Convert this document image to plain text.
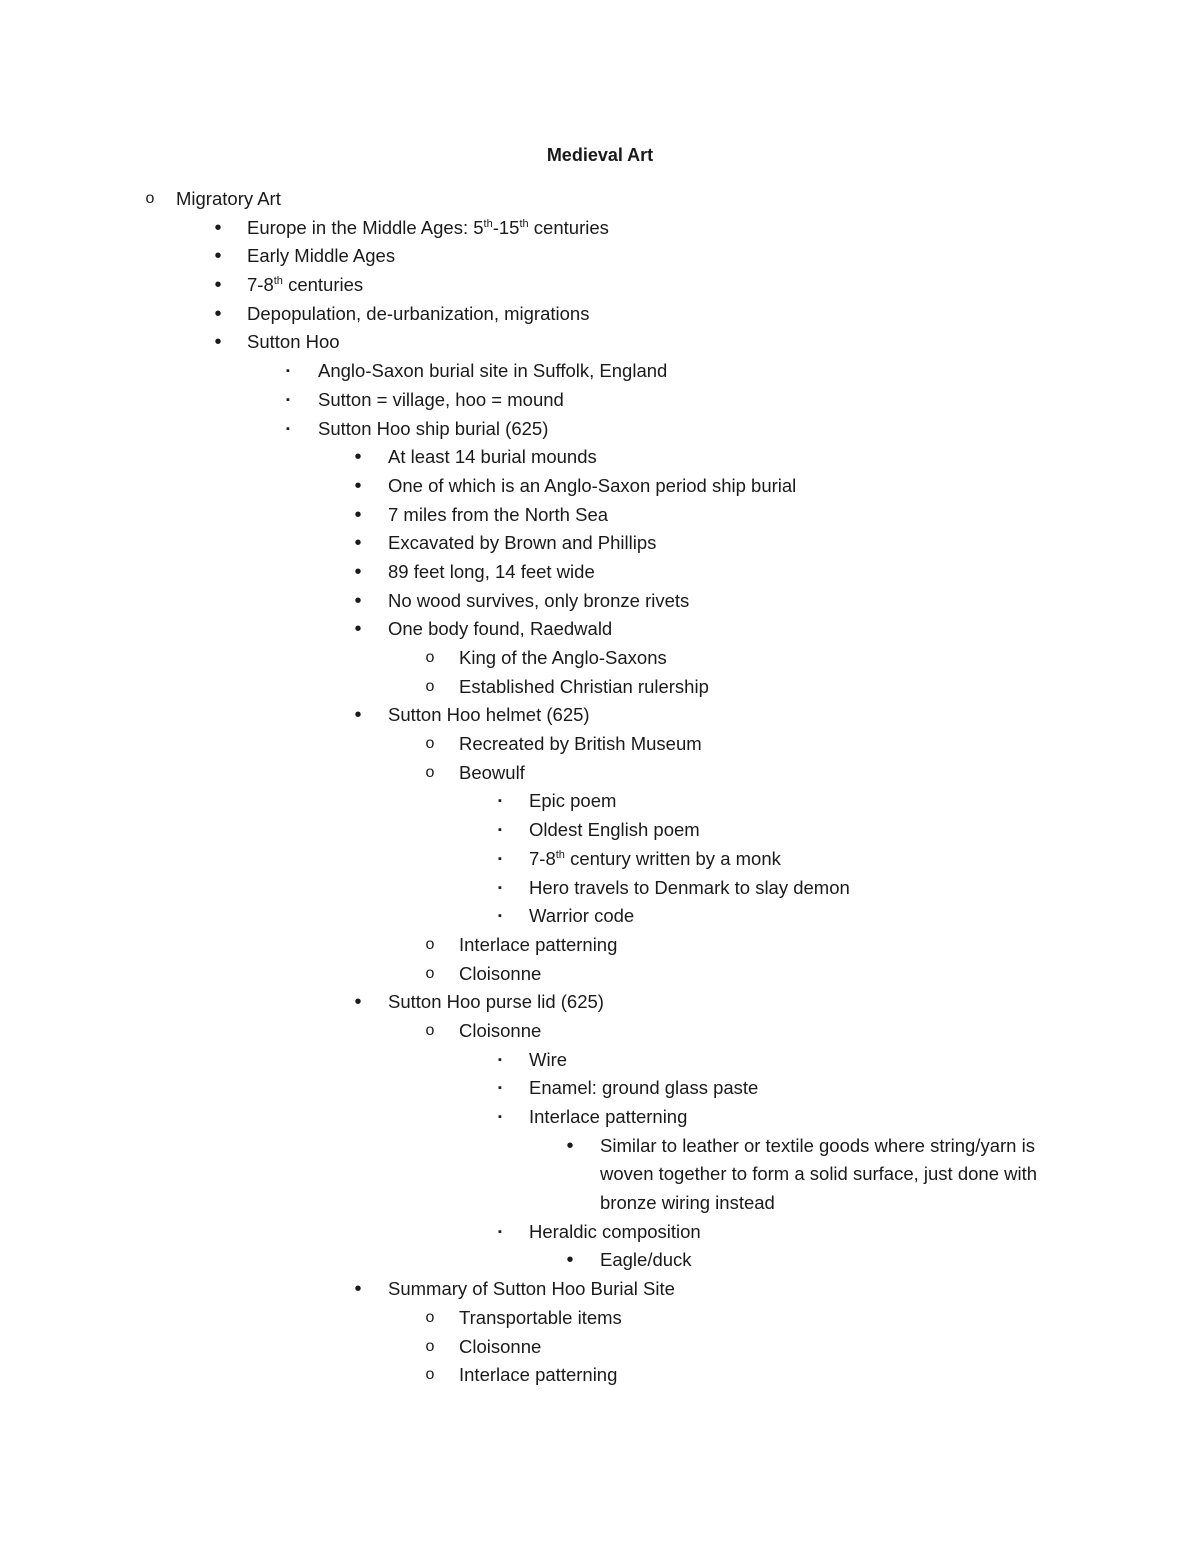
Medieval Art
o Migratory Art
•	Europe in the Middle Ages: 5th-15th centuries
•	Early Middle Ages
•	7-8th centuries
•	Depopulation, de-urbanization, migrations
•	Sutton Hoo
▪	Anglo-Saxon burial site in Suffolk, England
▪	Sutton = village, hoo = mound
▪	Sutton Hoo ship burial (625)
•	At least 14 burial mounds
•	One of which is an Anglo-Saxon period ship burial
•	7 miles from the North Sea
•	Excavated by Brown and Phillips
•	89 feet long, 14 feet wide
•	No wood survives, only bronze rivets
•	One body found, Raedwald
o King of the Anglo-Saxons
o Established Christian rulership
•	Sutton Hoo helmet (625)
o Recreated by British Museum
o Beowulf
▪	Epic poem
▪	Oldest English poem
▪	7-8th century written by a monk
▪	Hero travels to Denmark to slay demon
▪	Warrior code
o Interlace patterning
o Cloisonne
•	Sutton Hoo purse lid (625)
o Cloisonne
▪	Wire
▪	Enamel: ground glass paste
▪	Interlace patterning
•	Similar to leather or textile goods where string/yarn is woven together to form a solid surface, just done with bronze wiring instead
▪	Heraldic composition
•	Eagle/duck
•	Summary of Sutton Hoo Burial Site
o Transportable items
o Cloisonne
o Interlace patterning
